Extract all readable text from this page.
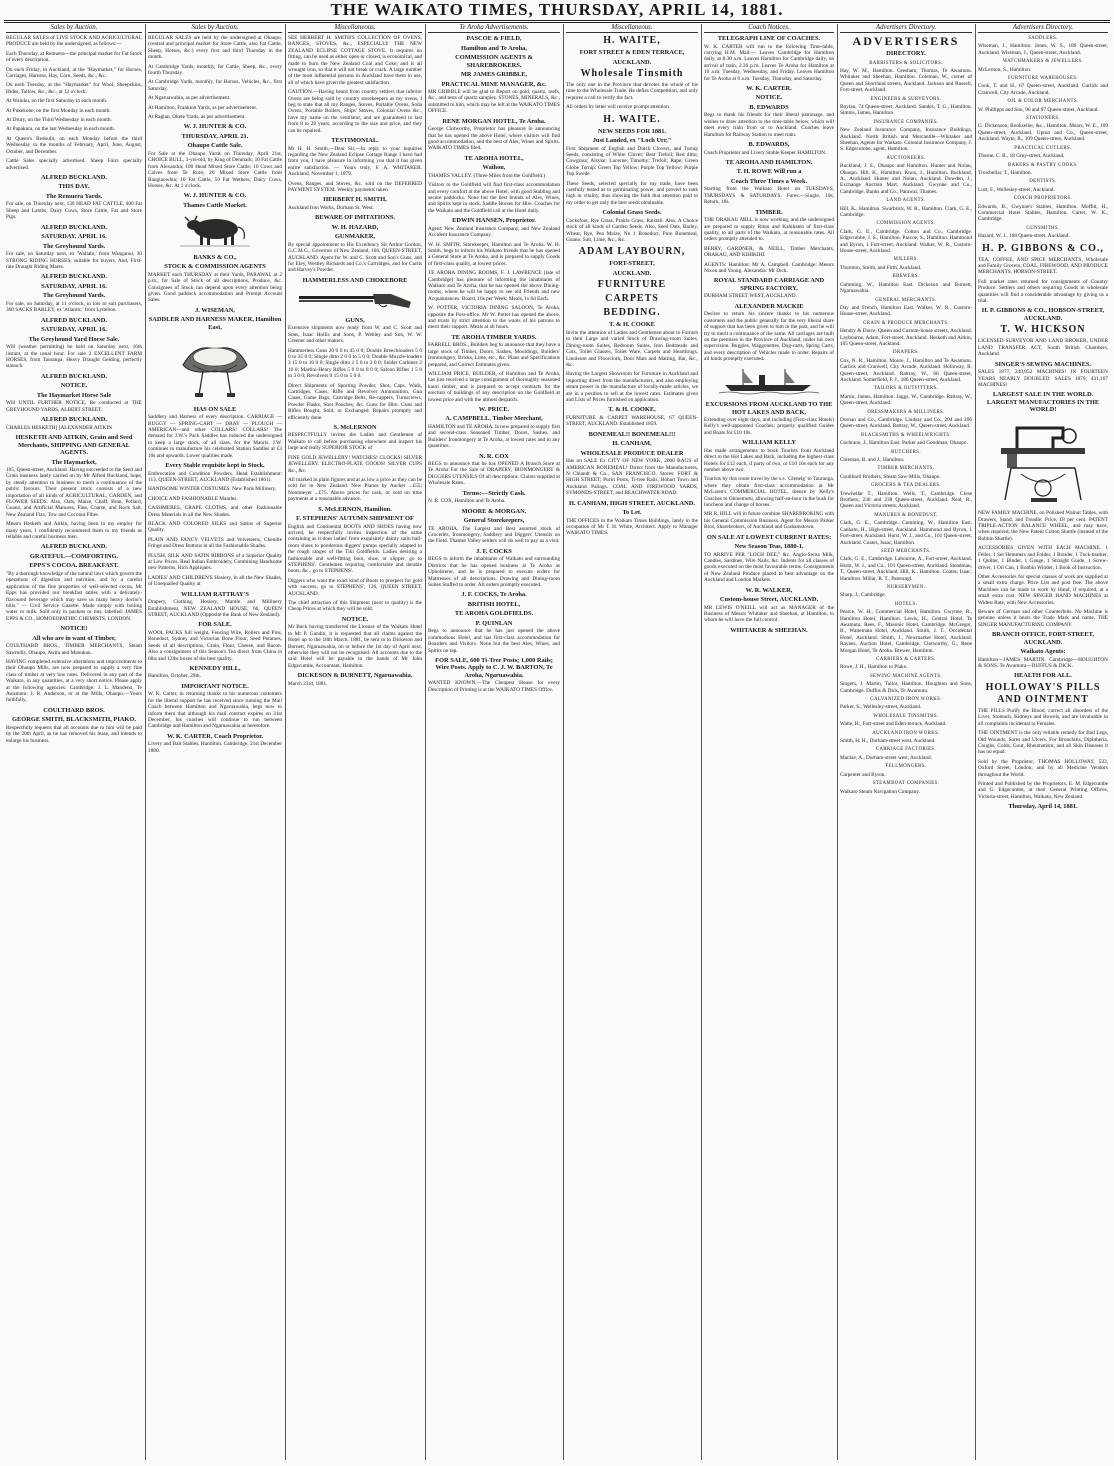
THE WAIKATO TIMES, THURSDAY, APRIL 14, 1881.
Sales by Auction.
REGULAR SALES of LIVE STOCK AND AGRICULTURAL PRODUCE are held by the undersigned, as follows:—
Each Thursday, at Remuera—the principal market for Fat Stock of every description.
On each Friday, in Auckland, at the "Haymarket," for Horses, Carriages, Harness, Hay, Corn, Seeds, &c., &c.
On each Tuesday, at the "Haymarket" for Wool, Sheepskins, Hides, Tallow, &c., &c., at 12 o'clock.
At Waiuku, on the first Saturday in each month.
At Pukekohe, on the first Monday in each month.
At Drury, on the Third Wednesday in each month.
At Papakura, on the last Wednesday in each month.
At Queen's Redoubt, on each Monday before the third Wednesday in the months of February, April, June, August, October, and December.
Cattle Sales specially advertised. Sheep Fairs specially advertised.
ALFRED BUCKLAND.
THIS DAY.
The Remuera Yards.
For sale, on Thursday next, 130 HEAD FAT CATTLE, 400 Fat Sheep and Lambs, Dairy Cows, Store Cattle, Fat and Store Pigs.
ALFRED BUCKLAND.
SATURDAY, APRIL 16.
The Greyhound Yards.
For sale, on Saturday next, ex 'Wallabi,' from Wanganui, 30 STRONG RIDING HORSES, suitable for buyers. And, First-rate Draught Riding Mares.
ALFRED BUCKLAND.
SATURDAY, APRIL 16.
The Greyhound Yards.
For sale, on Saturday, at 11 o'clock, in lots to suit purchasers, 360 SACKS BARLEY, ex 'Atlantic,' from Lyttelton.
ALFRED BUCKLAND.
SATURDAY, APRIL 16.
The Greyhound Yard Horse Sale.
Will (weather permitting) be held on Saturday next, 16th instant, at the usual hour. For sale 2 EXCELLENT FARM HORSES, from Tauranga. Heavy Draught Gelding, perfectly staunch.
ALFRED BUCKLAND.
NOTICE.
The Haymarket Horse Sale
Will UNTIL FURTHER NOTICE, Be conducted at THE GREYHOUND YARDS, ALBERT STREET.
ALFRED BUCKLAND.
CHARLES HESKETH] [ALEXANDER AITKIN
HESKETH AND AITKIN, Grain and Seed Merchants, SHIPPING AND GENERAL AGENTS.
The Haymarket,
105, Queen-street, Auckland. Having succeeded to the Seed and Grain business lately carried on by Mr Alfred Buckland, hope, by steady attention to business to merit a continuance of the public favours. Their present stock consists of a new importation of all kinds of AGRICULTURAL, GARDEN, and FLOWER SEEDS. Also, Oats, Maize, Chaff, Bran, Pollard, Guano, and Artificial Manures, Fine, Coarse, and Rock Salt, New Zealand Flax, Tow and Coconut Fibre.
Messrs Hesketh and Aitkin, having been in my employ for many years, I confidently recommend them to my friends as reliable and careful business men.
ALFRED BUCKLAND.
GRATEFUL—COMFORTING.
EPPS'S COCOA. BREAKFAST.
"By a thorough knowledge of the natural laws which govern the operations of digestion and nutrition, and by a careful application of the fine properties of well-selected cocoa, Mr Epps has provided our breakfast tables with a delicately-flavoured beverage which may save us many heavy doctor's bills." — Civil Service Gazette. Made simply with boiling water or milk. Sold only in packets or tins, labelled: JAMES EPPS & CO., HOMOEOPATHIC CHEMISTS, LONDON.
NOTICE!
All who are in want of Timber,
COULTHARD BROS., TIMBER MERCHANTS, Steam Sawmills, Ohaupo, Awitu and Manukau.
HAVING completed extensive alterations and improvements to their Ohaupo Mills, are now prepared to supply a very fine class of timber at very low rates. Delivered in any part of the Waikato, in any quantities, at a very short notice. Please apply at the following agencies: Cambridge: J. L. Mandeno, Te Awamutu: J. R. Anderson, or at the Mills, Ohaupo.—Yours faithfully,
COULTHARD BROS.
GEORGE SMITH, BLACKSMITH, PIAKO.
Respectfully requests that all accounts due to him will be paid by the 20th April, as he has removed his lease, and intends to enlarge his business.
Sales by Auction.
REGULAR SALES are held by the undersigned at Ohaupo, (central and principal market for Store Cattle, also Fat Cattle, Sheep, Horses, &c.) every first and third Thursday in the month.
At Cambridge Yards, monthly, for Cattle, Sheep, &c., every fourth Thursday.
At Cambridge Yards, monthly, for Horses, Vehicles, &c., first Saturday.
At Ngaruawahia, as per advertisement.
At Hamilton, Frankton Yards, as per advertisement.
At Raglan, Okete Yards, as per advertisement.
W. J. HUNTER & CO.
THURSDAY, APRIL 21.
Ohaupo Cattle Sale.
For Sale at the Ohaupo Yards on Thursday, April 21st, CHOICE BULL, 3-yrs-old, by King of Denmark; 10 Fat Cattle from Alexandra; 100 Head Mixed Store Cattle; 10 Cows and Calves from Te Rore; 20 Mixed Store Cattle from Rangiaowhia; 10 Fat Cattle, 50 Fat Wethers; Dairy Cows, Horses, &c. At 1 o'clock.
W. J. HUNTER & CO.
Thames Cattle Market.
BANKS & CO.,
STOCK & COMMISSION AGENTS
MARKET each THURSDAY at their Yards, PARAWAI, at 2 p.m., for Sale of Stock of all descriptions, Produce, &c. Consignees of Stock can depend upon every attention being given. Good paddock accommodation and Prompt Account Sales.
J. WISEMAN,
SADDLER AND HARNESS MAKER, Hamilton East,
HAS ON SALE
Saddlery and Harness of every description. CARRIAGE — BUGGY — SPRING-CART — DRAY — PLOUGH — AMERICAN—and other COLLARS! COLLARS! The demand for J.W.'s Pack Saddles has induced the undersigned to keep a large stock, of all sizes, for the Maoris. J.W. continues to manufacture his celebrated Station Saddles at £3 10s and upwards. Lower qualities made.
Every Stable requisite kept in Stock.
Embrocation and Condition Powders. Head Establishment: 113, QUEEN-STREET, AUCKLAND (Established 1861).
HANDSOME WINTER COSTUMES. New Paris Millinery.
CHOICE AND FASHIONABLE Mantles.
CASHMERES, CRAPE CLOTHS, and other Fashionable Dress Materials in all the New Shades.
BLACK AND COLORED SILKS and Satins of Superior Quality.
PLAIN AND FANCY VELVETS and Velveteens, Chenille Fringe and Dress Buttons in all the Fashionable Shades.
PLUSH, SILK AND SATIN RIBBONS of a Superior Quality at Low Prices. Real Indian Embroidery, Combining Handsome new Patterns, Rich Appliques.
LADIES' AND CHILDREN'S Hosiery, in all the New Shades, of Unequalled Quality at
WILLIAM RATTRAY'S
Drapery, Clothing, Hosiery, Mantle and Millinery Establishment, NEW ZEALAND HOUSE, 66, QUEEN STREET, AUCKLAND (Opposite the Bank of New Zealand).
FOR SALE.
WOOL PACKS full weight, Fencing Wire, Rollers and Pins, Boneduct, Sydney and Victorian Bone Flour, Seed Potatoes, Seeds of all descriptions, Grain, Flour, Cheese, and Bacon. Also a consignment of this Season's Tea direct from China in 6lbs and 12lbs boxes of the best quality.
KENNEDY HILL,
Hamilton, October, 29th.
IMPORTANT NOTICE.
W. K. Carter, in returning thanks to his numerous customers for the liberal support he has received since running the Mail Coach between Hamilton and Ngaruawahia, begs now to inform them that although his mail contract expires on 31st December, his coaches will continue to run between Cambridge and Hamilton and Ngaruawahia as heretofore.
W. K. CARTER, Coach Proprietor.
Livery and Bait Stables, Hamilton. Cambridge, 21st December 1880.
Miscellaneous.
SEE HERBERT H. SMITH'S COLLECTION OF OVENS, RANGES, STOVES, &c., ESPECIALLY THE NEW ZEALAND ECLIPSE COTTAGE STOVE. It requires no fitting, can be used as either open or closed, is economical, and made to burn the New Zealand Coal and Coke, and is all wrought iron, so that it will not break or crack. A large number of the most influential persons in Auckland have them in use, all of which have given the greatest satisfaction.
CAUTION.—Having heard from country settlers that inferior Ovens are being sold by country storekeepers as my ovens, I beg to state that all my Ranges, Stoves, Portable Ovens, Soda Ovens, Portable Boilers, Ships' Stoves, Colonial Ovens &c., have my name on the ventilator, and are guaranteed to last from 8 to 20 years, according to the size and price, and they can be repaired.
TESTIMONIAL.
Mr H. H. Smith,—Dear Sir,—In reply to your inquiries regarding the New Zealand Eclipse Cottage Range I have had from you, I have pleasure in informing you that it has given entire satisfaction. — Yours truly, F. A. WHITAKER. Auckland, November 1, 1879.
Ovens, Ranges, and Stoves, &c. sold on the DEFERRED PAYMENT SYSTEM. Weekly payments taken.
HERBERT H. SMITH,
Auckland Iron Works, Durham St. West.
BEWARE OF IMITATIONS.
W. H. HAZARD,
GUNMAKER,
By special appointment to His Excellency Sir Arthur Gordon, G.C.M.G., Governor of New Zealand, 166, QUEEN-STREET, AUCKLAND. Agent for W. and C. Scott and Son's Guns, and for Eley, Westley Richards and Co.'s Cartridges, and for Curtis and Harvey's Powder.
HAMMERLESS AND CHOKEBORE
GUNS,
Extensive shipments now ready from W. and C. Scott and Sons, Isaac Hollis and Sons, P. Webley and Son, W. W. Greener and other makers.
Hammerless Guns 20 0 0 to 45 0 0; Double Breechloaders 5 0 0 to 35 0 0; Single ditto 2 0 0 to 5 0 0; Double Muzzle-loaders 3 15 0 to 10 0 0; Single ditto 1 5 0 to 3 0 0; Snider Carbines 2 10 0; Martini-Henry Rifles 5 0 0 to 8 0 0; Saloon Rifles 1 5 0 to 3 0 0; Revolvers 0 15 0 to 5 0 0.
Direct Shipments of Sporting Powder, Shot, Caps, Wads, Cartridges, Cases, Rifle and Revolver Ammunition, Gun Cases, Game Bags, Cartridge Belts, Re-cappers, Turnscrews, Powder Flasks, Shot Pouches, &c. Guns for Hire. Guns and Rifles Bought, Sold, or Exchanged. Repairs promptly and efficiently done.
S. McLERNON
RESPECTFULLY invites the Ladies and Gentlemen of Waikato to call before purchasing elsewhere and inspect his large and really SUPERIOR STOCK of
FINE GOLD JEWELLERY! WATCHES! CLOCKS! SILVER JEWELLERY. ELECTRO-PLATE GOODS! SILVER CUPS &c., &c.
All marked in plain figures and at as low a price as they can be sold for in New Zealand. New Pianos by Aucher ...£55; Nommeyer ...£75. Above prices for cash, or sold on time payments at a reasonable advance.
S. McLERNON, Hamilton.
F. STEPHENS' AUTUMN SHIPMENT OF
English and Continental BOOTS AND SHOES having now arrived, he respectfully invites inspection of the same containing as it does ladies' from exquisitely dainty satin ball-room shoes to ponderous diggers' pumps specially adapted to the rough ranges of the Tiki Goldfields. Ladies desiring a fashionable and well-fitting boot, shoe, or slipper, go to STEPHENS'. Gentlemen requiring comfortable and durable boots, &c., go to STEPHENS'.
Diggers who want the exact kind of Boots to prospect for gold with success, go to STEPHENS', 126, QUEEN STREET, AUCKLAND.
The chief attraction of this Shipment (next to quality) is the Cheap Prices at which they will be sold.
NOTICE.
Mr Buck having transferred the License of the Waikato Hotel to Mr P. Gandin, it is requested that all claims against the Hotel up to the 18th March, 1881, be sent in to Dickeson and Burnett, Ngaruawahia, on or before the 1st day of April next, otherwise they will not be recognised. All accounts due to the said Hotel will be payable in the hands of Mr John Edgecumbe, Accountant, Hamilton.
DICKESON & BURNETT, Ngaruawahia.
March 23rd, 1881.
Te Aroha Advertisements.
PASCOE & FIELD,
Hamilton and Te Aroha,
COMMISSION AGENTS & SHAREBROKERS.
MR JAMES GRIBBLE,
PRACTICAL MINE MANAGER, &c.
MR GRIBBLE will be glad to Report on gold, quartz, reefs, &c., and tests of quartz samples. STONES, MINERALS, &c., submitted to him, which may be left at the WAIKATO TIMES OFFICE.
RENE MORGAN HOTEL, Te Aroha.
George Clotworthy, Proprietor has pleasure in announcing that he has opened the above Hotel, where visitors will find good accommodation, and the best of Ales, Wines and Spirits. WAIKATO TIMES filed.
TE AROHA HOTEL,
Waihou,
THAMES VALLEY. (Three Miles from the Goldfield.)
Visitors to the Goldfield will find first-class accommodation and every comfort at the above Hotel, with good Stabling and secure paddocks. None but the best brands of Ales, Wines, and Spirits kept in stock. Saddle Horses for Hire. Coaches for the Waikato and the Goldfield call at the Hotel daily.
EDWIN HANSEN, Proprietor.
Agent: New Zealand Insurance Company, and New Zealand Accident Insurance Company.
W. H. SMITH, Storekeeper, Hamilton and Te Aroha. W. H. Smith, begs to inform his Waikato friends that he has opened a General Store at Te Aroha, and is prepared to supply Goods of first-class quality, at lowest prices.
TE AROHA DINING ROOMS, F. J. LAWRENCE (late of Cambridge) has pleasure of informing the inhabitants of Waikato and Te Aroha, that he has opened the above Dining-rooms, where he will be happy to see old Friends and new Acquaintances. Board, 16s per Week; Meals, 1s 6d Each.
W. POTTER, VICTORIA DINING SALOON, Te Aroha, opposite the Post-office. Mr W. Potter has opened the above, and trusts by strict attention to the wants of his patrons to merit their support. Meals at all hours.
TE AROHA TIMBER YARDS.
FARRELL BROS., Builders beg to announce that they have a large stock of Timber, Doors, Sashes, Mouldings, Builders' Ironmongery, Bricks, Lime, etc., &c. Plans and Specifications prepared, and Correct Estimates given.
WILLIAM PRICE, BUILDER, of Hamilton and Te Aroha, has just received a large consignment of thoroughly seasoned kauri timber, and is prepared to accept contracts for the erection of buildings of any description on the Goldfield at lowest price and with the utmost despatch.
W. PRICE.
A. CAMPBELL, Timber Merchant,
HAMILTON and TE AROHA. Is now prepared to supply first and second-class Seasoned Timber, Doors, Sashes, and Builders' Ironmongery at Te Aroha, at lowest rates and in any quantities.
N. R. COX
BEGS to announce that he has OPENED A Branch Store at Te Aroha For the Sale of DRAPERY, IRONMONGERY & DIGGERS UTENSILS Of all descriptions. Claims supplied at Wholesale Rates.
Terms:—Strictly Cash.
N. R. COX, Hamilton and Te Aroha.
MOORE & MORGAN,
General Storekeepers,
TE AROHA. The Largest and Best assorted stock of Groceries, Ironmongery, Saddlery and Diggers' Utensils on the Field. Thames Valley settlers will do well to pay us a visit.
J. F. COCKS
BEGS to inform the inhabitants of Waikato and surrounding Districts that he has opened business at Te Aroha as Upholsterer, and he is prepared to execute orders for Mattresses of all descriptions. Drawing and Dining-room Suites Stuffed to order. All orders promptly executed.
J. F. COCKS, Te Aroha.
BRITISH HOTEL,
TE AROHA GOLDFIELDS.
P. QUINLAN
Begs to announce that he has just opened the above commodious Hotel, and has first-class accommodation for Boarders and Visitors. None but the best Ales, Wines, and Spirits on tap.
FOR SALE, 600 Ti-Tree Posts; 1,000 Rails; Wire Posts. Apply to C. J. W. BARTON, Te Aroha, Ngaruawahia.
WANTED KNOWN.—The Cheapest House for every Description of Printing is at the WAIKATO TIMES Office.
Miscellaneous.
H. WAITE,
FORT STREET & EDEN TERRACE,
AUCKLAND.
Wholesale Tinsmith
The only one in the Province that devotes the whole of his time to the Wholesale Trade. He defies Competition, and only requires a call to verify the fact.
All orders by letter will receive prompt attention.
H. WAITE.
NEW SEEDS FOR 1881.
Just Landed, ex "Loch Urr,"
First Shipment of English and Dutch Clovers, and Turnip Seeds, consisting of White Clover; Best Trefoil; Red ditto; Cowgrass; Alsyke; Lucerne; Timothy; Trefoil; Rape; Green Globe Turnip; Green Top Yellow; Purple Top Yellow; Purple Top Swede.
These Seeds, selected specially for my trade, have been carefully tested as to germinating power, and proved to rank high in vitality, thus showing the faith that attention paid to my order to get only the best seeds obtainable.
Colonial Grass Seeds.
Cocksfoot, Rye Grass, Prairie Grass, Ratstail. Also, A Choice stock of all kinds of Garden Seeds. Also, Seed Oats, Barley, Wheat, Rye, Pea Maize, No 1 Boneduct, Pure Bonemeal, Guano, Salt, Lime, &c., &c.
ADAM LAYBOURN,
FORT-STREET,
AUCKLAND.
FURNITURE
CARPETS
BEDDING.
T. & H. COOKE
Invite the attention of Ladies and Gentlemen about to Furnish to their Large and varied Stock of Drawing-room Suites, Dining-room Suites, Bedroom Suites, Iron Bedsteads and Cots, Toilet Glasses, Toilet Ware, Carpets and Hearthrugs, Linoleum and Floorcloth, Door Mats and Matting, Bar, &c., &c.
Having the Largest Showroom for Furniture in Auckland and importing direct from the manufacturers, and also employing steam power in the manufacture of locally-made articles, we are in a position to sell at the lowest rates. Estimates given and Lists of Prices furnished on application.
T. & H. COOKE,
FURNITURE & CARPET WAREHOUSE, 67 QUEEN-STREET, AUCKLAND. Established 1859.
BONEMEAL!! BONEMEAL!!!
H. CANHAM,
WHOLESALE PRODUCE DEALER
Has on SALE Ex CITY OF NEW YORK, 2000 BAGS of AMERICAN BONEMEAL! Direct from the Manufacturers, N Chlandt & Co., SAN FRANCISCO. Stores: FORT & HIGH STREET; Puriri Posts, Ti-tree Rails, Hobart Town and Auckland Palings. COAL AND FIREWOOD YARDS, SYMONDS-STREET, and BEACHWATER ROAD.
H. CANHAM, HIGH STREET, AUCKLAND.
To Let.
THE OFFICES in the Waikato Times Buildings, lately in the occupation of Mr T. H. White, Architect. Apply to Manager WAIKATO TIMES.
Coach Notices.
TELEGRAPH LINE OF COACHES.
W. K. CARTER will run to the following Time-table, carrying H.M. Mail:— Leaves Cambridge for Hamilton daily, at 8.30 a.m. Leaves Hamilton for Cambridge daily, on arrival of train, 2.30 p.m. Leaves Te Aroha for Hamilton at 10 a.m. Tuesday, Wednesday, and Friday. Leaves Hamilton for Te Aroha at 8 a.m. Tuesday, Thursday, and Saturday.
W. K. CARTER.
NOTICE.
B. EDWARDS
Begs to thank his friends for their liberal patronage, and wishes to draw attention to the time-table below, which will meet every train from or to Auckland. Coaches leave Hamilton for Railway Station to meet train.
B. EDWARDS,
Coach Proprietor and Livery Stable Keeper HAMILTON.
TE AROHA AND HAMILTON.
T. H. ROWE Will run a
Coach Three Times a Week.
Starting from the Waikato Hotel on TUESDAYS, THURSDAYS & SATURDAYS. Fares:—Single, 10s; Return, 18s.
TIMBER.
THE ORAKAU MILL is now working, and the undersigned are prepared to supply Rimu and Kahikatea of first-class quality, to all parts of the Waikato, at reasonable rates. All orders promptly attended to.
BERRY, GARDNER, & NEILL, Timber Merchants, ORAKAU, AND KIHIKIHI.
AGENTS: Hamilton: Mr A. Campbell. Cambridge: Messrs Nixon and Young. Alexandra: Mr Dick.
ROYAL STANDARD CARRIAGE AND SPRING FACTORY,
DURHAM STREET WEST, AUCKLAND.
ALEXANDER MACKIE
Desires to return his sincere thanks to his numerous customers and the public generally for the very liberal share of support that has been given to him in the past, and he will try to merit a continuance of the same. All carriages are built on the premises in the Province of Auckland, under his own supervision. Buggies, Waggonettes, Dog-carts, Spring Carts, and every description of Vehicles made to order. Repairs of all kinds promptly executed.
EXCURSIONS FROM AUCKLAND TO THE HOT LAKES AND BACK,
Extending over eight days, and including (First-class Hotels) Kelly's well-appointed Coaches; properly qualified Guides and Boats for £10 10s.
WILLIAM KELLY
Has made arrangements to book Tourists from Auckland direct to the Hot Lakes and Back, including the highest-class Hotels for £12 each, if party of two, or £10 10s each for any number above two.
Tourists by this route travel by the s.s. 'Glenelg' to Tauranga, where they obtain first-class accommodation at Mr McLaren's COMMERCIAL HOTEL, thence by Kelly's Coaches to Ohinemutu, allowing half-an-hour in the bush for luncheon and change of horses.
MR R. HILL will in future combine SHAREBROKING with his General Commission Business. Agent for Messrs Parker Bros, Sharebrokers, of Auckland and Grahamstown.
ON SALE AT LOWEST CURRENT RATES:
New Season Teas, 1880-1.
TO ARRIVE PER "LOCH DEE," &c. Anglo-Swiss Milk, Candles, Sardines, Wire Nails, &c. Indents for all classes of goods executed on the most favourable terms. Consignments of New Zealand Produce placed to best advantage on the Auckland and London Markets.
W. R. WALKER,
Custom-house Street, AUCKLAND.
MR LEWIS O'NEILL will act as MANAGER of the Business of Messrs Whitaker and Sheehan, at Hamilton, to whom he will have the full control.
WHITAKER & SHEEHAN.
Advertisers Directory.
ADVERTISERS
DIRECTORY.
BARRISTERS & SOLICITORS.
Hay, W. M., Hamilton. Gresham, Thomas, Te Awamutu. Whitaker and Sheehan, Hamilton. Coleman, W., corner of Queen and Shortland streets, Auckland. Jackson and Russell, Fort-street, Auckland.
ENGINEERS & SURVEYORS.
Boylan, 74 Queen-street, Auckland. Sandes, T. G., Hamilton. Simms, James, Hamilton.
INSURANCE COMPANIES.
New Zealand Insurance Company, Insurance Buildings, Auckland. North British and Mercantile—Whitaker and Sheehan, Agents for Waikato. Colonial Insurance Company, J. S. Edgecumbe, agent, Hamilton.
AUCTIONEERS.
Buckland, J. S., Ohaupo and Hamilton. Hunter and Nolan, Ohaupo. Hill, K., Hamilton. Knox, J., Hamilton. Buckland, A., Auckland. Hunter and Nolan, Auckland. Dowden, J., Exchange Auction Mart, Auckland. Gwynne and Co., Cambridge. Banks and Co., Parawai, Thames.
LAND AGENTS.
Hill, K., Hamilton. Swarbrick, W. R., Hamilton. Clark, G. E., Cambridge.
COMMISSION AGENTS.
Clark, G. E., Cambridge. Cotton and Co., Cambridge. Edgecumbe, J. S., Hamilton. Pascoe, S., Hamilton. Hammond and Byron, 1 Fort-street, Auckland. Walker, W. R., Custom-House-street, Auckland.
MILLERS.
Thornton, Smith, and Firth, Auckland.
BREWERS.
Cumming, W., Hamilton East. Dickeson and Burnett, Ngaruawahia.
GENERAL MERCHANTS.
Day and French, Hamilton East. Walker, W. R., Custom-House-street, Auckland.
GRAIN & PRODUCE MERCHANTS.
Hendry & Dacre, Queen and Custom-house streets, Auckland. Laybourne, Adam, Fort-street, Auckland. Hesketh and Aitkin, 105 Queen-street, Auckland.
DRAPERS.
Cox, N. R., Hamilton. Moore, J., Hamilton and Te Awamutu. Garlick and Cranwell, City Arcade, Auckland. Holloway, R. Queen-street, Auckland. Rattray, W., 66 Queen-street, Auckland. Somerfield, F. J., 186 Queen-street, Auckland.
TAILORS & OUTFITTERS.
Martin, James, Hamilton. Jaggs, W., Cambridge. Rattray, W., Queen-street, Auckland.
DRESSMAKERS & MILLINERS.
Dornan and Co., Cambridge. Lindsay and Co., 204 and 206 Queen-street, Auckland. Rattray, W., Queen-street, Auckland.
BLACKSMITHS & WHEELWRIGHTS.
Cochrane, J., Hamilton East. Parker and Goodman, Ohaupo.
BUTCHERS.
Coleman, B. and J., Hamilton.
TIMBER MERCHANTS.
Coulthard Brothers, Steam Saw-Mills, Ohaupo.
GROCERS & TEA DEALERS.
Trewhellar T., Hamilton. Wells, T., Cambridge. Close Brothers, 236 and 238 Queen-street, Auckland. Neal, R., Queen and Victoria streets, Auckland.
MANURES & BONEDUST.
Clark, G. E., Cambridge. Cumming, W., Hamilton East. Canham, H., High-street, Auckland. Hammond and Byron, 1 Fort-street, Auckland. Hurst, W. J., and Co., 101 Queen-street, Auckland. Coates, Isaac, Hamilton.
SEED MERCHANTS.
Clark, G. E., Cambridge. Labourne, A., Fort-street, Auckland. Hurst, W. J., and Co., 101 Queen-street, Auckland. Steadman, T., Queen-street, Auckland. Hill, K., Hamilton. Coates, Isaac, Hamilton. Millar, R. T., Paterangi.
NURSERYMEN.
Sharp, J., Cambridge.
HOTELS.
Pearce, W. H., Commercial Hotel, Hamilton. Gwynne, R., Hamilton Hotel, Hamilton. Lewis, H., Central Hotel, Te Awamutu. Rees, F., Masonic Hotel, Cambridge. McGregor, R., Waitemata Hotel, Auckland. Smith, J. T., Occidental Hotel, Auckland. Smith, J., Newmarket Hotel, Auckland. Raynes, Auction Hotel, Cambridge. Clotworthy, G., Rene Morgan Hotel, Te Aroha. Brewer, Hamilton.
CARRIERS & CARTERS.
Rowe, J. H., Hamilton to Piako.
SEWING MACHINE AGENTS.
Singers, J. Martin, Tailor, Hamilton. Houghton and Sons, Cambridge. Duffus & Dick, Te Awamutu.
GALVANIZED IRON WORKS.
Parker, S., Wellesley-street, Auckland.
WHOLESALE TINSMITHS.
Waite, H., Fort-street and Eden-terrace, Auckland.
AUCKLAND IRON WORKS.
Smith, H. H., Durham-street west, Auckland.
CARRIAGE FACTORIES.
Mackie, A., Durham-street west, Auckland.
FELLMONGERS.
Carpenter and Byron.
STEAMBOAT COMPANIES.
Waikato Steam Navigation Company.
Advertisers Directory.
SADDLERS.
Wiseman, J., Hamilton. Jones, W. S., 189 Queen-street, Auckland. Wiseman, J., Queen-street, Auckland.
WATCHMAKERS & JEWELLERS.
McLernon, S., Hamilton.
FURNITURE WAREHOUSES.
Cook, T. and H., 67 Queen-street, Auckland. Garlick and Cranwell, City Arcade, Auckland.
OIL & COLOR MERCHANTS.
W. Phillipps and Son, 96 and 97 Queen-street, Auckland.
STATIONERS.
G. Dickenson, Bookseller, &c., Hamilton. Mears, W. E., 109 Queen-street, Auckland. Upton and Co., Queen-street, Auckland. Wayte, R., 109 Queen-street, Auckland.
PRACTICAL CUTLERS.
Thorne, C. R., 18 Grey-street, Auckland.
BAKERS & PASTRY COOKS.
Trowbellar, T., Hamilton.
DENTISTS.
Lust, F., Wellesley-street, Auckland.
COACH PROPRIETORS.
Edwards, B., Gwynne's Stables, Hamilton. Moffitt, H., Commercial Hotel Stables, Hamilton. Carter, W. K., Cambridge.
GUNSMITHS.
Hazard, W. J., 168 Queen-street, Auckland.
H. P. GIBBONS & CO.,
TEA, COFFEE, AND SPICE MERCHANTS, Wholesale and Family Grocers, COAL, FIREWOOD, AND PRODUCE MERCHANTS, HOBSON-STREET.
Full market rates returned for consignments of Country Produce. Settlers and others requiring Goods in wholesale quantities will find a considerable advantage by giving us a trial.
H. P. GIBBONS & CO., HOBSON-STREET, AUCKLAND.
T. W. HICKSON
LICENSED SURVEYOR AND LAND BROKER, UNDER LAND TRANSFER ACT, South British Chambers, Auckland.
SINGER'S SEWING MACHINES.
SALES 1877, 249,852 MACHINES! IN FOURTEEN YEARS NEARLY DOUBLED. SALES 1879, 431,167 MACHINES!
LARGEST SALE IN THE WORLD. LARGEST MANUFACTORIES IN THE WORLD!
NEW FAMILY MACHINE, on Polished Walnut Tables, with Drawers, Stand, and Treadle. Price, £8 per cent. PATENT TRIPLE-ACTION BALANCE WHEEL, and may have, when required, the New Patent Cotton Shuttle (instead of the Bobbin Shuttle).
ACCESSORIES GIVEN WITH EACH MACHINE. 1 Feller, 1 Set Hemmers and Folder, 1 Braider, 1 Tuck-marker, 1 Quilter, 1 Binder, 1 Gauge, 1 Straight Guide, 1 Screw-driver, 1 Oil Can, 1 Bobbin Winder, 1 Book of Instruction.
Other Accessories for special classes of work are supplied at a small extra charge. Price List and post free. The above Machines can be made to work by Hand, if required, at a small extra cost. NEW SINGER HAND MACHINES at Widest Rate, with New Accessories.
Beware of German and other Counterfeits. No Machine is genuine unless it bears the Trade Mark and name, THE SINGER MANUFACTURING COMPANY.
BRANCH OFFICE, FORT-STREET, AUCKLAND.
Waikato Agents:
Hamilton—JAMES MARTIN. Cambridge—HOUGHTON & SONS. Te Awamutu—DUFFUS & DICK.
HEALTH FOR ALL.
HOLLOWAY'S PILLS AND OINTMENT
THE PILLS Purify the Blood, correct all disorders of the Liver, Stomach, Kidneys and Bowels, and are invaluable in all complaints incidental to Females.
THE OINTMENT is the only reliable remedy for Bad Legs, Old Wounds, Sores and Ulcers. For Bronchitis, Diphtheria, Coughs, Colds, Gout, Rheumatism, and all Skin Diseases it has no equal.
Sold by the Proprietor, THOMAS HOLLOWAY, 533, Oxford Street, London, and by all Medicine Vendors throughout the World.
Printed and Published by the Proprietors, E. M. Edgecumbe and G. Edgecumbe, at their General Printing Offices, Victoria-street, Hamilton, Waikato, New Zealand.
Thursday, April 14, 1881.
